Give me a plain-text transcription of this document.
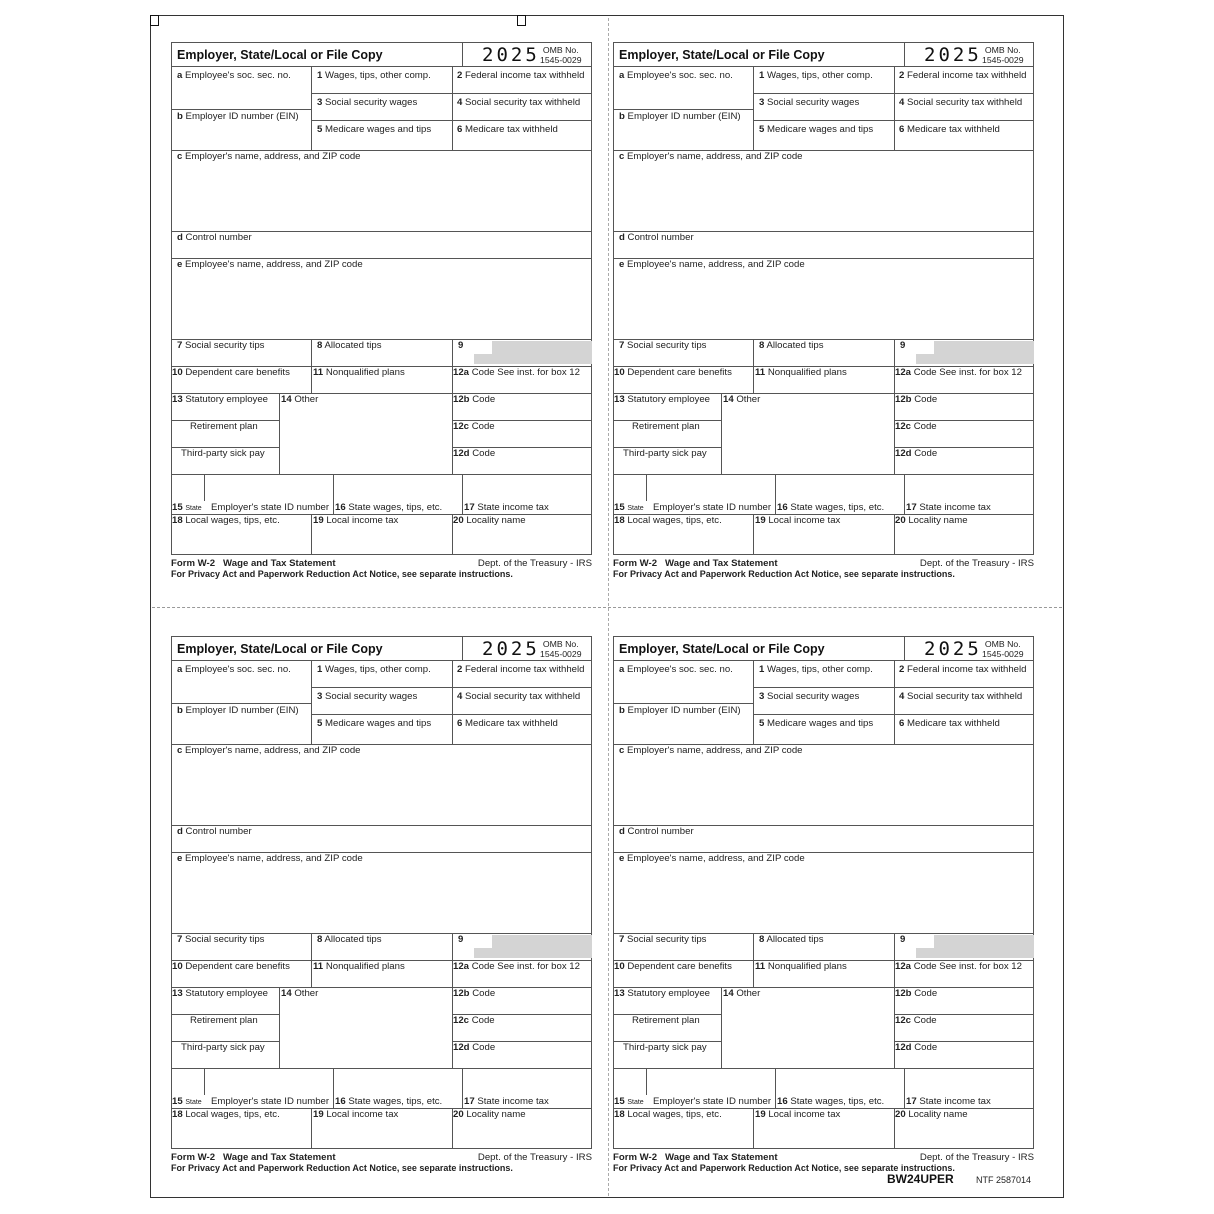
Employer, State/Local or File Copy	2025 OMB No.
1545-0029
a Employee's soc. sec. no.	1 Wages, tips, other comp.	2 Federal income tax withheld
3 Social security wages	4 Social security tax withheld
b Employer ID number (EIN)
5 Medicare wages and tips	6 Medicare tax withheld
c Employer's name, address, and ZIP code
d Control number
e Employee's name, address, and ZIP code
7 Social security tips	8 Allocated tips	9
10 Dependent care benefits 11 Nonqualified plans	12a Code See inst. for box 12
13 Statutory employee 14 Other	12b Code
Retirement plan	12c Code
Third-party sick pay	12d Code
15 State Employer's state ID number 16 State wages, tips, etc. 17 State income tax
18 Local wages, tips, etc.	19 Local income tax	20 Locality name
Form W-2 Wage and Tax Statement	Dept. of the Treasury - IRS
For Privacy Act and Paperwork Reduction Act Notice, see separate instructions.
Employer, State/Local or File Copy	2025 OMB No.
1545-0029
a Employee's soc. sec. no.	1 Wages, tips, other comp.	2 Federal income tax withheld
3 Social security wages	4 Social security tax withheld
b Employer ID number (EIN)
5 Medicare wages and tips	6 Medicare tax withheld
c Employer's name, address, and ZIP code
d Control number
e Employee's name, address, and ZIP code
7 Social security tips	8 Allocated tips	9
10 Dependent care benefits 11 Nonqualified plans	12a Code See inst. for box 12
13 Statutory employee 14 Other	12b Code
Retirement plan	12c Code
Third-party sick pay	12d Code
15 State Employer's state ID number 16 State wages, tips, etc. 17 State income tax
18 Local wages, tips, etc.	19 Local income tax	20 Locality name
Form W-2 Wage and Tax Statement	Dept. of the Treasury - IRS
For Privacy Act and Paperwork Reduction Act Notice, see separate instructions.
Employer, State/Local or File Copy	2025 OMB No.
1545-0029
a Employee's soc. sec. no.	1 Wages, tips, other comp.	2 Federal income tax withheld
3 Social security wages	4 Social security tax withheld
b Employer ID number (EIN)
5 Medicare wages and tips	6 Medicare tax withheld
c Employer's name, address, and ZIP code
d Control number
e Employee's name, address, and ZIP code
7 Social security tips	8 Allocated tips	9
10 Dependent care benefits 11 Nonqualified plans	12a Code See inst. for box 12
13 Statutory employee 14 Other	12b Code
Retirement plan	12c Code
Third-party sick pay	12d Code
15 State Employer's state ID number 16 State wages, tips, etc. 17 State income tax
18 Local wages, tips, etc.	19 Local income tax	20 Locality name
Form W-2 Wage and Tax Statement	Dept. of the Treasury - IRS
For Privacy Act and Paperwork Reduction Act Notice, see separate instructions.
Employer, State/Local or File Copy	2025 OMB No.
1545-0029
a Employee's soc. sec. no.	1 Wages, tips, other comp.	2 Federal income tax withheld
3 Social security wages	4 Social security tax withheld
b Employer ID number (EIN)
5 Medicare wages and tips	6 Medicare tax withheld
c Employer's name, address, and ZIP code
d Control number
e Employee's name, address, and ZIP code
7 Social security tips	8 Allocated tips	9
10 Dependent care benefits 11 Nonqualified plans	12a Code See inst. for box 12
13 Statutory employee 14 Other	12b Code
Retirement plan	12c Code
Third-party sick pay	12d Code
15 State Employer's state ID number 16 State wages, tips, etc. 17 State income tax
18 Local wages, tips, etc.	19 Local income tax	20 Locality name
Form W-2 Wage and Tax Statement	Dept. of the Treasury - IRS
For Privacy Act and Paperwork Reduction Act Notice, see separate instructions.
BW24UPER NTF 2587014
